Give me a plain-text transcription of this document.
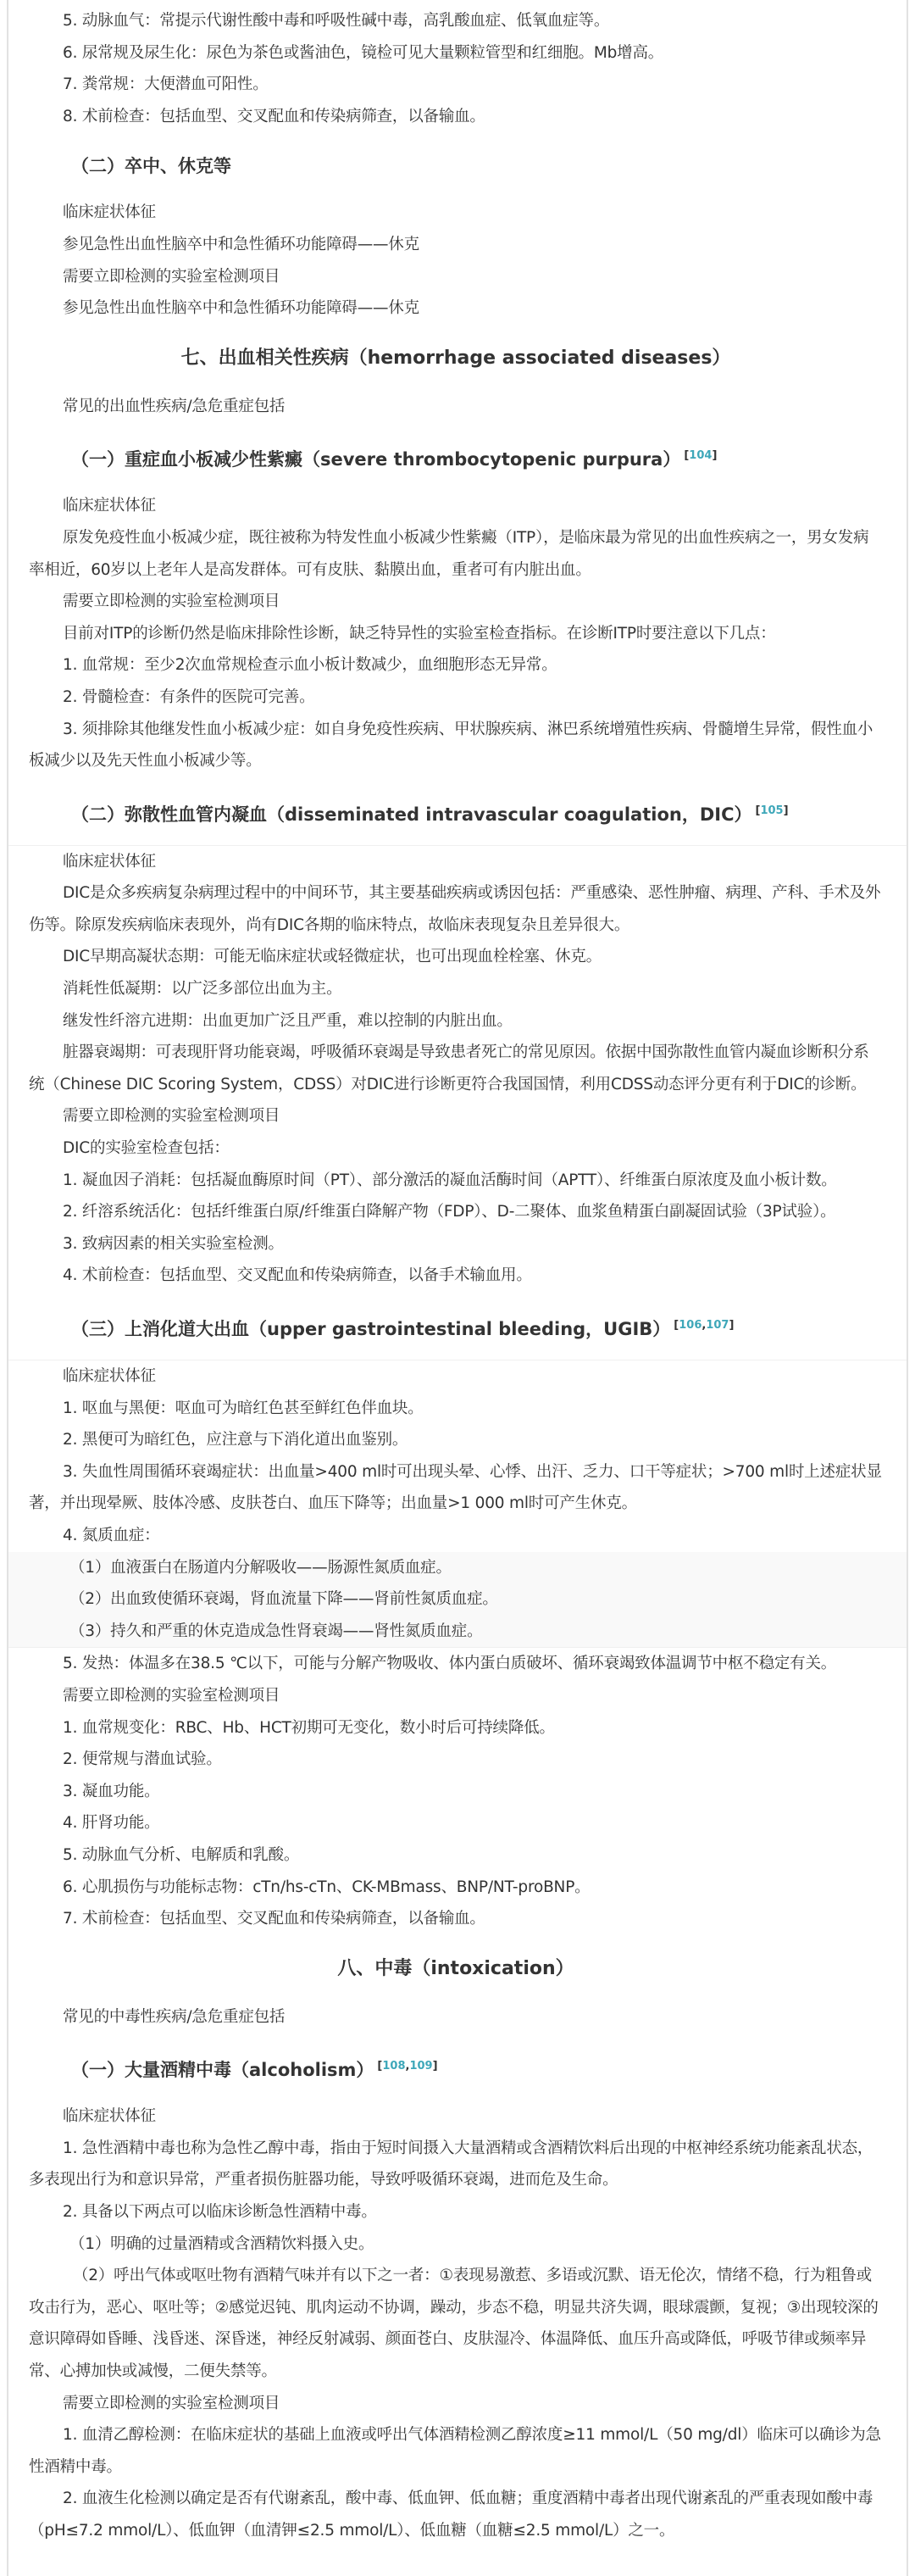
5. 动脉血气：常提示代谢性酸中毒和呼吸性碱中毒，高乳酸血症、低氧血症等。

6. 尿常规及尿生化：尿色为茶色或酱油色，镜检可见大量颗粒管型和红细胞。Mb增高。

7. 粪常规：大便潜血可阳性。

8. 术前检查：包括血型、交叉配血和传染病筛查，以备输血。

（二）卒中、休克等

临床症状体征

参见急性出血性脑卒中和急性循环功能障碍——休克

需要立即检测的实验室检测项目

参见急性出血性脑卒中和急性循环功能障碍——休克

七、出血相关性疾病（hemorrhage associated diseases）

常见的出血性疾病/急危重症包括

（一）重症血小板减少性紫癜（severe thrombocytopenic purpura） [104]

临床症状体征

原发免疫性血小板减少症，既往被称为特发性血小板减少性紫癜（ITP），是临床最为常见的出血性疾病之一，男女发病率相近，60岁以上老年人是高发群体。可有皮肤、黏膜出血，重者可有内脏出血。

需要立即检测的实验室检测项目

目前对ITP的诊断仍然是临床排除性诊断，缺乏特异性的实验室检查指标。在诊断ITP时要注意以下几点：

1. 血常规：至少2次血常规检查示血小板计数减少，血细胞形态无异常。

2. 骨髓检查：有条件的医院可完善。

3. 须排除其他继发性血小板减少症：如自身免疫性疾病、甲状腺疾病、淋巴系统增殖性疾病、骨髓增生异常，假性血小板减少以及先天性血小板减少等。

（二）弥散性血管内凝血（disseminated intravascular coagulation，DIC） [105]

临床症状体征

DIC是众多疾病复杂病理过程中的中间环节，其主要基础疾病或诱因包括：严重感染、恶性肿瘤、病理、产科、手术及外伤等。除原发疾病临床表现外，尚有DIC各期的临床特点，故临床表现复杂且差异很大。

DIC早期高凝状态期：可能无临床症状或轻微症状，也可出现血栓栓塞、休克。

消耗性低凝期：以广泛多部位出血为主。

继发性纤溶亢进期：出血更加广泛且严重，难以控制的内脏出血。

脏器衰竭期：可表现肝肾功能衰竭，呼吸循环衰竭是导致患者死亡的常见原因。依据中国弥散性血管内凝血诊断积分系统（Chinese DIC Scoring System，CDSS）对DIC进行诊断更符合我国国情，利用CDSS动态评分更有利于DIC的诊断。

需要立即检测的实验室检测项目

DIC的实验室检查包括：

1. 凝血因子消耗：包括凝血酶原时间（PT）、部分激活的凝血活酶时间（APTT）、纤维蛋白原浓度及血小板计数。

2. 纤溶系统活化：包括纤维蛋白原/纤维蛋白降解产物（FDP）、D-二聚体、血浆鱼精蛋白副凝固试验（3P试验）。

3. 致病因素的相关实验室检测。

4. 术前检查：包括血型、交叉配血和传染病筛查，以备手术输血用。

（三）上消化道大出血（upper gastrointestinal bleeding，UGIB） [106,107]

临床症状体征

1. 呕血与黑便：呕血可为暗红色甚至鲜红色伴血块。

2. 黑便可为暗红色，应注意与下消化道出血鉴别。

3. 失血性周围循环衰竭症状：出血量>400 ml时可出现头晕、心悸、出汗、乏力、口干等症状；>700 ml时上述症状显著，并出现晕厥、肢体冷感、皮肤苍白、血压下降等；出血量>1 000 ml时可产生休克。

4. 氮质血症：

（1）血液蛋白在肠道内分解吸收——肠源性氮质血症。

（2）出血致使循环衰竭，肾血流量下降——肾前性氮质血症。

（3）持久和严重的休克造成急性肾衰竭——肾性氮质血症。

5. 发热：体温多在38.5 ℃以下，可能与分解产物吸收、体内蛋白质破坏、循环衰竭致体温调节中枢不稳定有关。

需要立即检测的实验室检测项目

1. 血常规变化：RBC、Hb、HCT初期可无变化，数小时后可持续降低。

2. 便常规与潜血试验。

3. 凝血功能。

4. 肝肾功能。

5. 动脉血气分析、电解质和乳酸。

6. 心肌损伤与功能标志物：cTn/hs-cTn、CK-MBmass、BNP/NT-proBNP。

7. 术前检查：包括血型、交叉配血和传染病筛查，以备输血。

八、中毒（intoxication）

常见的中毒性疾病/急危重症包括

（一）大量酒精中毒（alcoholism） [108,109]

临床症状体征

1. 急性酒精中毒也称为急性乙醇中毒，指由于短时间摄入大量酒精或含酒精饮料后出现的中枢神经系统功能紊乱状态，多表现出行为和意识异常，严重者损伤脏器功能，导致呼吸循环衰竭，进而危及生命。

2. 具备以下两点可以临床诊断急性酒精中毒。

（1）明确的过量酒精或含酒精饮料摄入史。

（2）呼出气体或呕吐物有酒精气味并有以下之一者：①表现易激惹、多语或沉默、语无伦次，情绪不稳，行为粗鲁或攻击行为，恶心、呕吐等；②感觉迟钝、肌肉运动不协调，躁动，步态不稳，明显共济失调，眼球震颤，复视；③出现较深的意识障碍如昏睡、浅昏迷、深昏迷，神经反射减弱、颜面苍白、皮肤湿冷、体温降低、血压升高或降低，呼吸节律或频率异常、心搏加快或减慢，二便失禁等。

需要立即检测的实验室检测项目

1. 血清乙醇检测：在临床症状的基础上血液或呼出气体酒精检测乙醇浓度≥11 mmol/L（50 mg/dl）临床可以确诊为急性酒精中毒。

2. 血液生化检测以确定是否有代谢紊乱，酸中毒、低血钾、低血糖；重度酒精中毒者出现代谢紊乱的严重表现如酸中毒（pH≤7.2 mmol/L）、低血钾（血清钾≤2.5 mmol/L）、低血糖（血糖≤2.5 mmol/L）之一。
